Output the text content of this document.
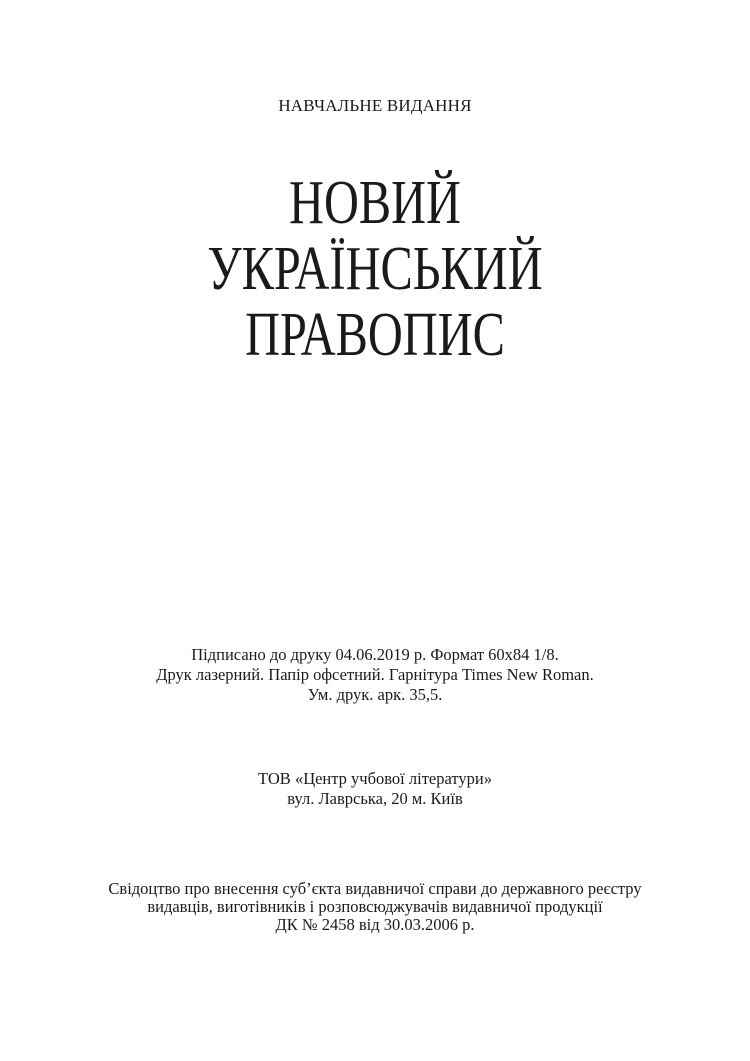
НАВЧАЛЬНЕ ВИДАННЯ
НОВИЙ
УКРАЇНСЬКИЙ
ПРАВОПИС
Підписано до друку 04.06.2019 р. Формат 60х84 1/8.
Друк лазерний. Папір офсетний. Гарнітура Times New Roman.
Ум. друк. арк. 35,5.
ТОВ «Центр учбової літератури»
вул. Лаврська, 20 м. Київ
Свідоцтво про внесення суб’єкта видавничої справи до державного реєстру
видавців, виготівників і розповсюджувачів видавничої продукції
ДК № 2458 від 30.03.2006 р.
